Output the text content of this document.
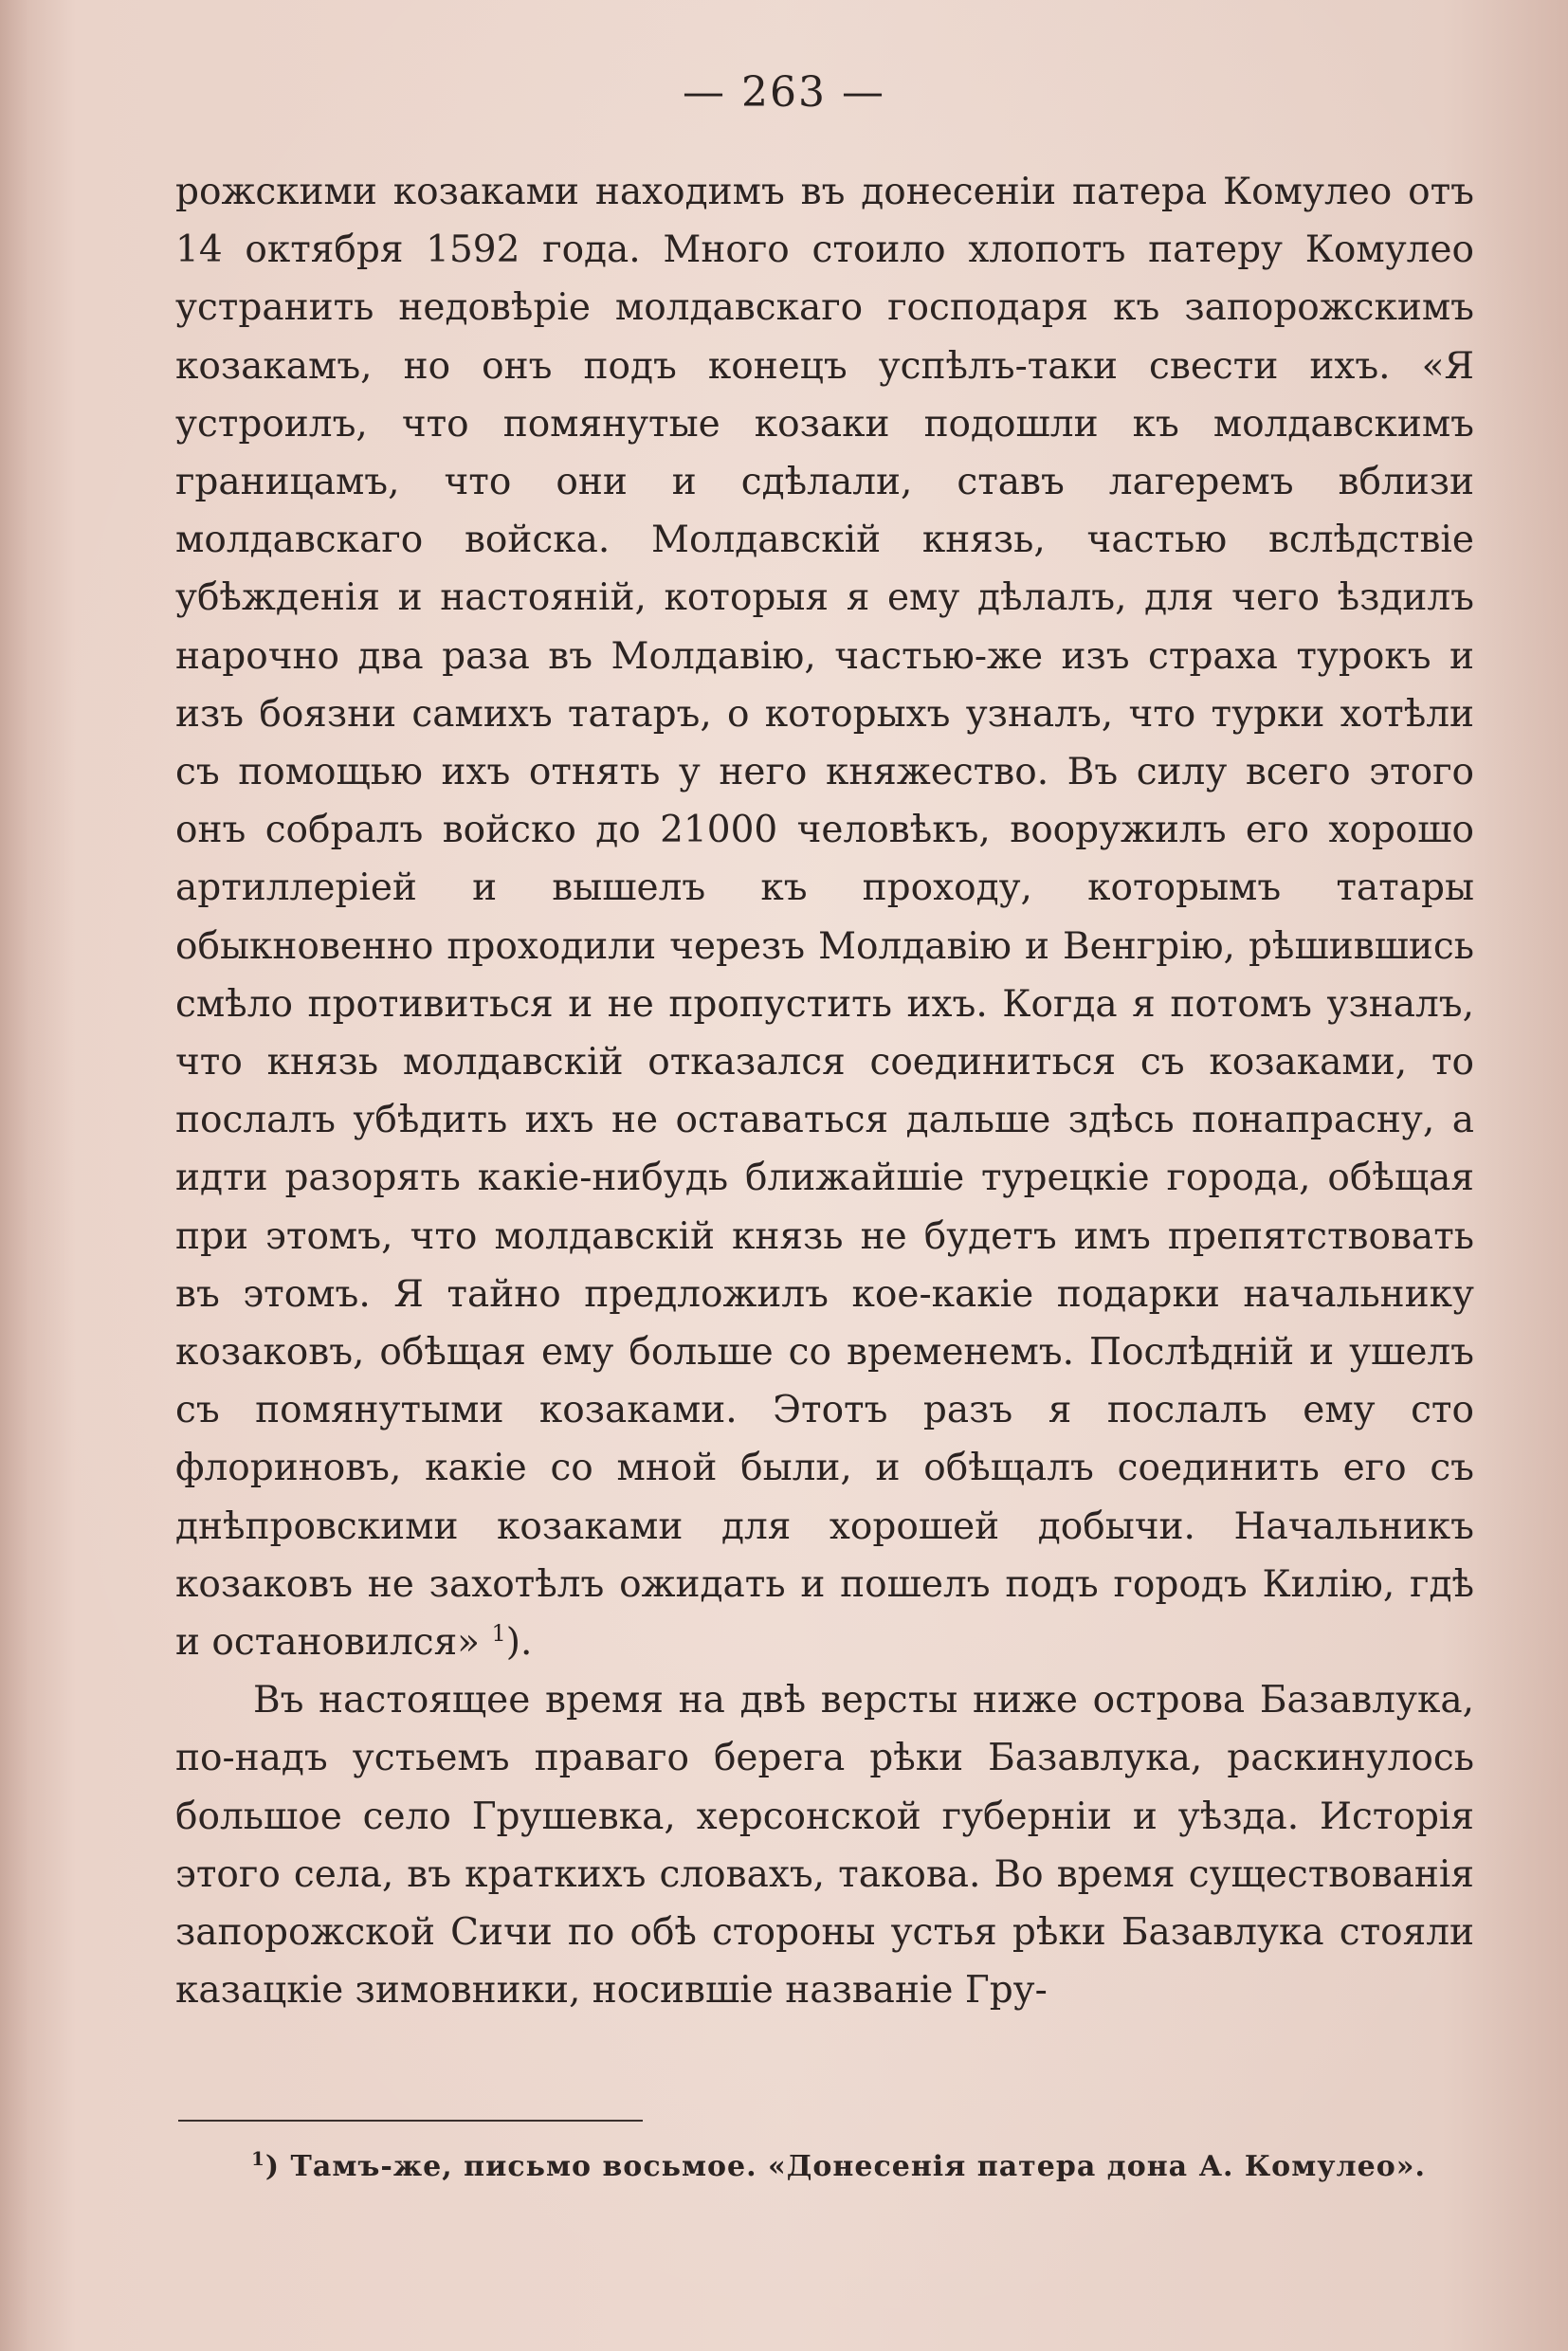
— 263 —

рожскими козаками находимъ въ донесеніи патера Комулео отъ 14 октября 1592 года. Много стоило хлопотъ патеру Комулео устранить недовѣріе молдавскаго господаря къ запорожскимъ козакамъ, но онъ подъ конецъ успѣлъ-таки свести ихъ. «Я устроилъ, что помянутые козаки подошли къ молдавскимъ границамъ, что они и сдѣлали, ставъ лагеремъ вблизи молдавскаго войска. Молдавскій князь, частью вслѣдствіе убѣжденія и настояній, которыя я ему дѣлалъ, для чего ѣздилъ нарочно два раза въ Молдавію, частью-же изъ страха турокъ и изъ боязни самихъ татаръ, о которыхъ узналъ, что турки хотѣли съ помощью ихъ отнять у него княжество. Въ силу всего этого онъ собралъ войско до 21000 человѣкъ, вооружилъ его хорошо артиллеріей и вышелъ къ проходу, которымъ татары обыкновенно проходили черезъ Молдавію и Венгрію, рѣшившись смѣло противиться и не пропустить ихъ. Когда я потомъ узналъ, что князь молдавскій отказался соединиться съ козаками, то послалъ убѣдить ихъ не оставаться дальше здѣсь понапрасну, а идти разорять какіе-нибудь ближайшіе турецкіе города, обѣщая при этомъ, что молдавскій князь не будетъ имъ препятствовать въ этомъ. Я тайно предложилъ кое-какіе подарки начальнику козаковъ, обѣщая ему больше со временемъ. Послѣдній и ушелъ съ помянутыми козаками. Этотъ разъ я послалъ ему сто флориновъ, какіе со мной были, и обѣщалъ соединить его съ днѣпровскими козаками для хорошей добычи. Начальникъ козаковъ не захотѣлъ ожидать и пошелъ подъ городъ Килію, гдѣ и остановился» $^1$).

Въ настоящее время на двѣ версты ниже острова Базавлука, по-надъ устьемъ праваго берега рѣки Базавлука, раскинулось большое село Грушевка, херсонской губерніи и уѣзда. Исторія этого села, въ краткихъ словахъ, такова. Во время существованія запорожской Сичи по обѣ стороны устья рѣки Базавлука стояли казацкіе зимовники, носившіе названіе Гру-

$^1$) Тамъ-же, письмо восьмое. «Донесенія патера дона А. Комулео».
